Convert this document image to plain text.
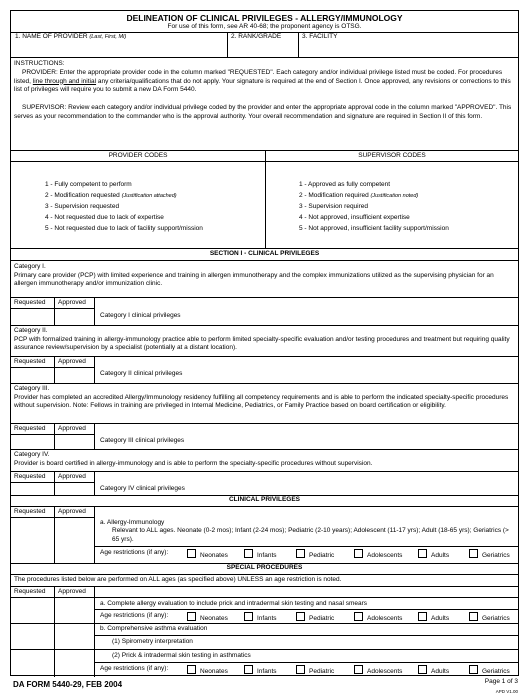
DELINEATION OF CLINICAL PRIVILEGES - ALLERGY/IMMUNOLOGY
For use of this form, see AR 40-68; the proponent agency is OTSG.
1. NAME OF PROVIDER (Last, First, MI)	2. RANK/GRADE	3. FACILITY
INSTRUCTIONS:
PROVIDER: Enter the appropriate provider code in the column marked "REQUESTED". Each category and/or individual privilege listed must be coded. For procedures listed, line through and initial any criteria/qualifications that do not apply. Your signature is required at the end of Section I. Once approved, any revisions or corrections to this list of privileges will require you to submit a new DA Form 5440.
SUPERVISOR: Review each category and/or individual privilege coded by the provider and enter the appropriate approval code in the column marked "APPROVED". This serves as your recommendation to the commander who is the approval authority. Your overall recommendation and signature are required in Section II of this form.
PROVIDER CODES	SUPERVISOR CODES
1 - Fully competent to perform
2 - Modification requested (Justification attached)
3 - Supervision requested
4 - Not requested due to lack of expertise
5 - Not requested due to lack of facility support/mission
1 - Approved as fully competent
2 - Modification required (Justification noted)
3 - Supervision required
4 - Not approved, insufficient expertise
5 - Not approved, insufficient facility support/mission
SECTION I - CLINICAL PRIVILEGES
Category I.
Primary care provider (PCP) with limited experience and training in allergen immunotherapy and the complex immunizations utilized as the supervising physician for an allergen immunotherapy and/or immunization clinic.
Requested Approved
Category I clinical privileges
Category II.
PCP with formalized training in allergy-immunology practice able to perform limited specialty-specific evaluation and/or testing procedures and treatment but requiring quality assurance review/supervision by a specialist (potentially at a distant location).
Requested Approved
Category II clinical privileges
Category III.
Provider has completed an accredited Allergy/Immunology residency fulfilling all competency requirements and is able to perform the indicated specialty-specific procedures without supervision. Note: Fellows in training are privileged in Internal Medicine, Pediatrics, or Family Practice based on board certification or eligibility.
Requested Approved
Category III clinical privileges
Category IV.
Provider is board certified in allergy-immunology and is able to perform the specialty-specific procedures without supervision.
Requested Approved
Category IV clinical privileges
CLINICAL PRIVILEGES
Requested Approved
a. Allergy-Immunology
Relevant to ALL ages. Neonate (0-2 mos); Infant (2-24 mos); Pediatric (2-10 years); Adolescent (11-17 yrs); Adult (18-65 yrs); Geriatrics (> 65 yrs).
Age restrictions (if any):	Neonates	Infants	Pediatric	Adolescents	Adults	Geriatrics
SPECIAL PROCEDURES
The procedures listed below are performed on ALL ages (as specified above) UNLESS an age restriction is noted.
Requested Approved
a. Complete allergy evaluation to include prick and intradermal skin testing and nasal smears
Age restrictions (if any):	Neonates	Infants	Pediatric	Adolescents	Adults	Geriatrics
b. Comprehensive asthma evaluation
(1) Spirometry interpretation
(2) Prick & intradermal skin testing in asthmatics
Age restrictions (if any):	Neonates	Infants	Pediatric	Adolescents	Adults	Geriatrics
DA FORM 5440-29, FEB 2004	Page 1 of 3
APD V1.00
